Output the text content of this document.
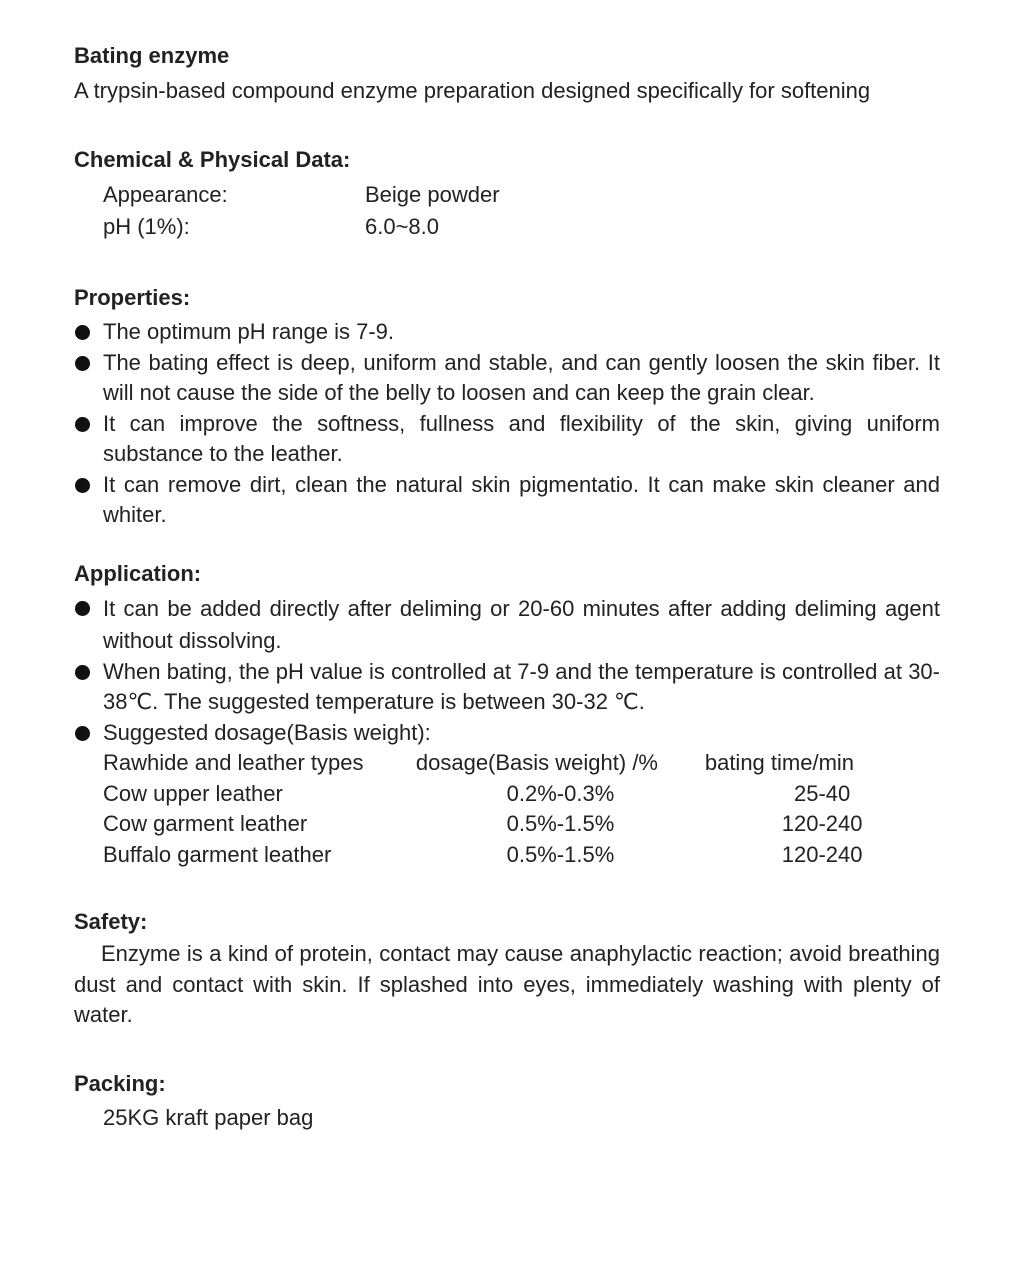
Bating enzyme
A trypsin-based compound enzyme preparation designed specifically for softening
Chemical & Physical Data:
Appearance:	Beige powder
pH (1%):	6.0~8.0
Properties:
The optimum pH range is 7-9.
The bating effect is deep, uniform and stable, and can gently loosen the skin fiber. It will not cause the side of the belly to loosen and can keep the grain clear.
It can improve the softness, fullness and flexibility of the skin, giving uniform substance to the leather.
It can remove dirt, clean the natural skin pigmentatio. It can make skin cleaner and whiter.
Application:
It can be added directly after deliming or 20-60 minutes after adding deliming agent without dissolving.
When bating, the pH value is controlled at 7-9 and the temperature is controlled at 30-38℃. The suggested temperature is between 30-32 ℃.
Suggested dosage(Basis weight):
Rawhide and leather types	dosage(Basis weight) /%	bating time/min
Cow upper leather	0.2%-0.3%	25-40
Cow garment leather	0.5%-1.5%	120-240
Buffalo garment leather	0.5%-1.5%	120-240
Safety:

Enzyme is a kind of protein, contact may cause anaphylactic reaction; avoid breathing dust and contact with skin. If splashed into eyes, immediately washing with plenty of water.

Packing:

25KG kraft paper bag
